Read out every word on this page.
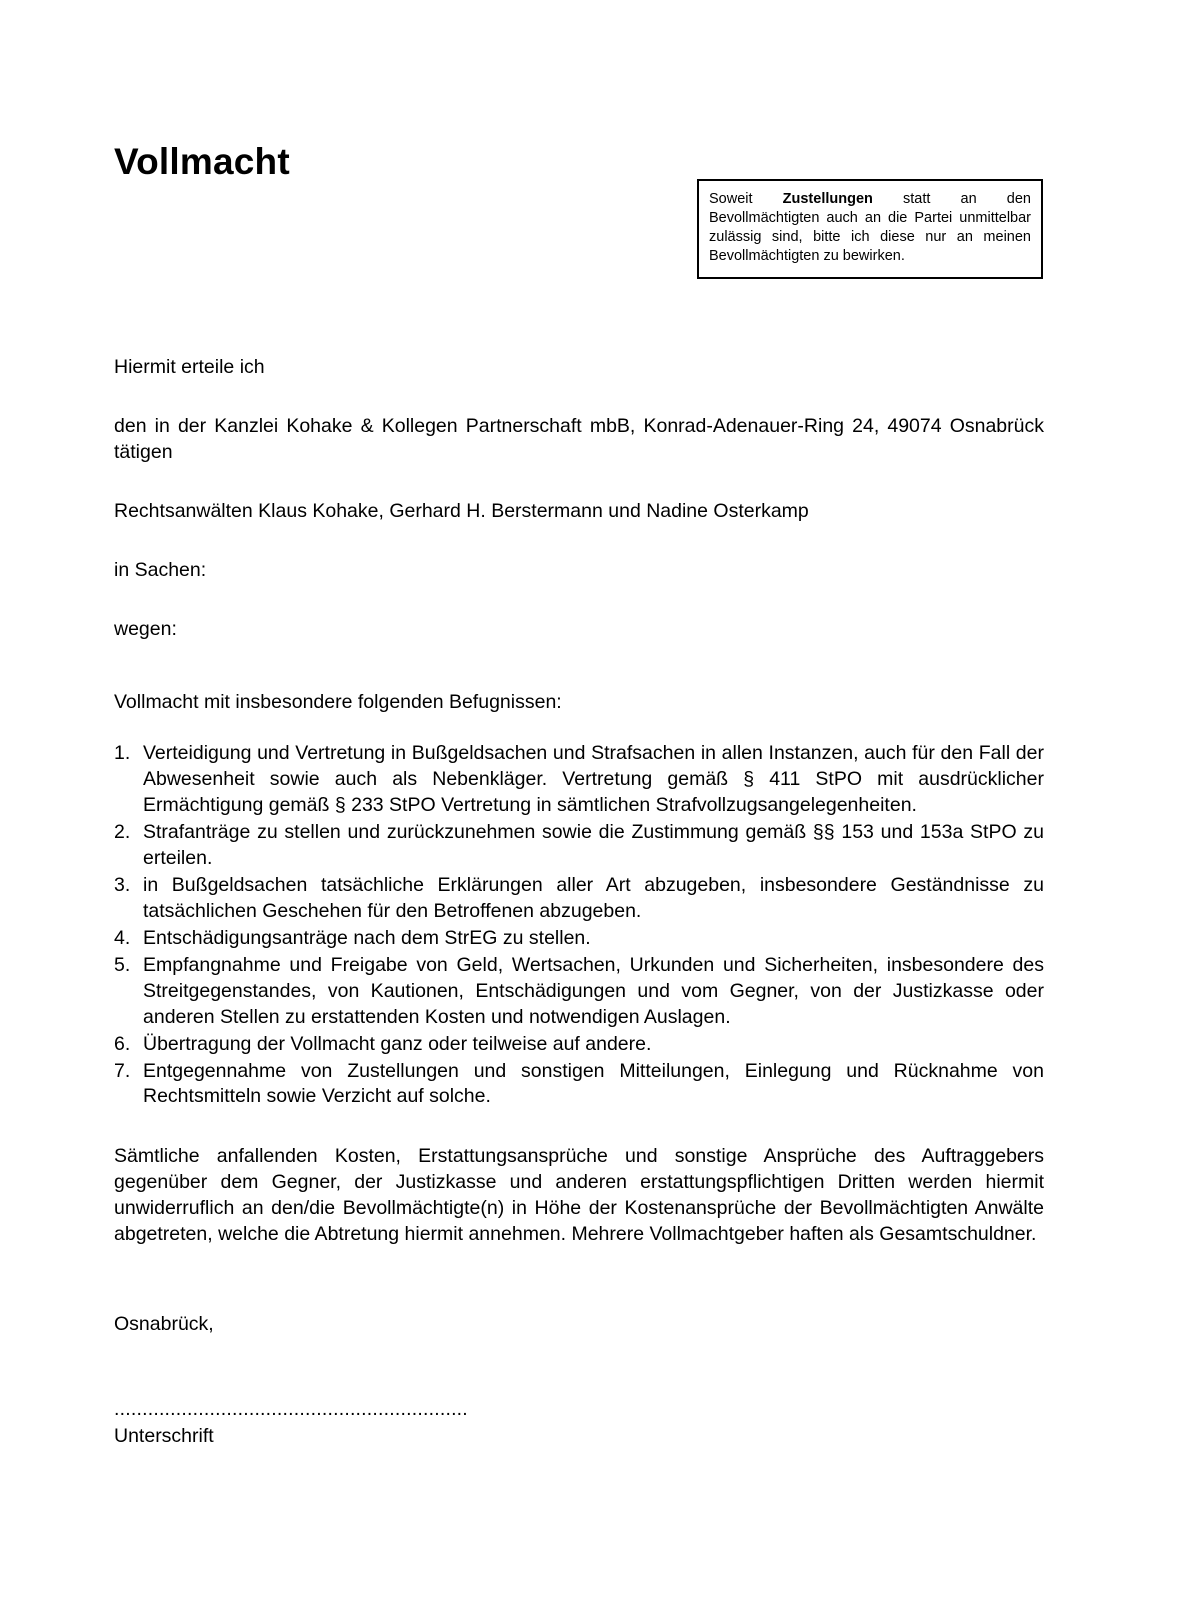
Vollmacht

Soweit Zustellungen statt an den Bevollmächtigten auch an die Partei unmittelbar zulässig sind, bitte ich diese nur an meinen Bevollmächtigten zu bewirken.

Hiermit erteile ich

den in der Kanzlei Kohake & Kollegen Partnerschaft mbB, Konrad-Adenauer-Ring 24, 49074 Osnabrück tätigen

Rechtsanwälten Klaus Kohake, Gerhard H. Berstermann und Nadine Osterkamp

in Sachen:

wegen:

Vollmacht mit insbesondere folgenden Befugnissen:

Verteidigung und Vertretung in Bußgeldsachen und Strafsachen in allen Instanzen, auch für den Fall der Abwesenheit sowie auch als Nebenkläger. Vertretung gemäß § 411 StPO mit ausdrücklicher Ermächtigung gemäß § 233 StPO Vertretung in sämtlichen Strafvollzugsangelegenheiten.
Strafanträge zu stellen und zurückzunehmen sowie die Zustimmung gemäß §§ 153 und 153a StPO zu erteilen.
in Bußgeldsachen tatsächliche Erklärungen aller Art abzugeben, insbesondere Geständnisse zu tatsächlichen Geschehen für den Betroffenen abzugeben.
Entschädigungsanträge nach dem StrEG zu stellen.
Empfangnahme und Freigabe von Geld, Wertsachen, Urkunden und Sicherheiten, insbesondere des Streitgegenstandes, von Kautionen, Entschädigungen und vom Gegner, von der Justizkasse oder anderen Stellen zu erstattenden Kosten und notwendigen Auslagen.
Übertragung der Vollmacht ganz oder teilweise auf andere.
Entgegennahme von Zustellungen und sonstigen Mitteilungen, Einlegung und Rücknahme von Rechtsmitteln sowie Verzicht auf solche.

Sämtliche anfallenden Kosten, Erstattungsansprüche und sonstige Ansprüche des Auftraggebers gegenüber dem Gegner, der Justizkasse und anderen erstattungspflichtigen Dritten werden hiermit unwiderruflich an den/die Bevollmächtigte(n) in Höhe der Kostenansprüche der Bevollmächtigten Anwälte abgetreten, welche die Abtretung hiermit annehmen. Mehrere Vollmachtgeber haften als Gesamtschuldner.

Osnabrück,
...............................................................
Unterschrift
